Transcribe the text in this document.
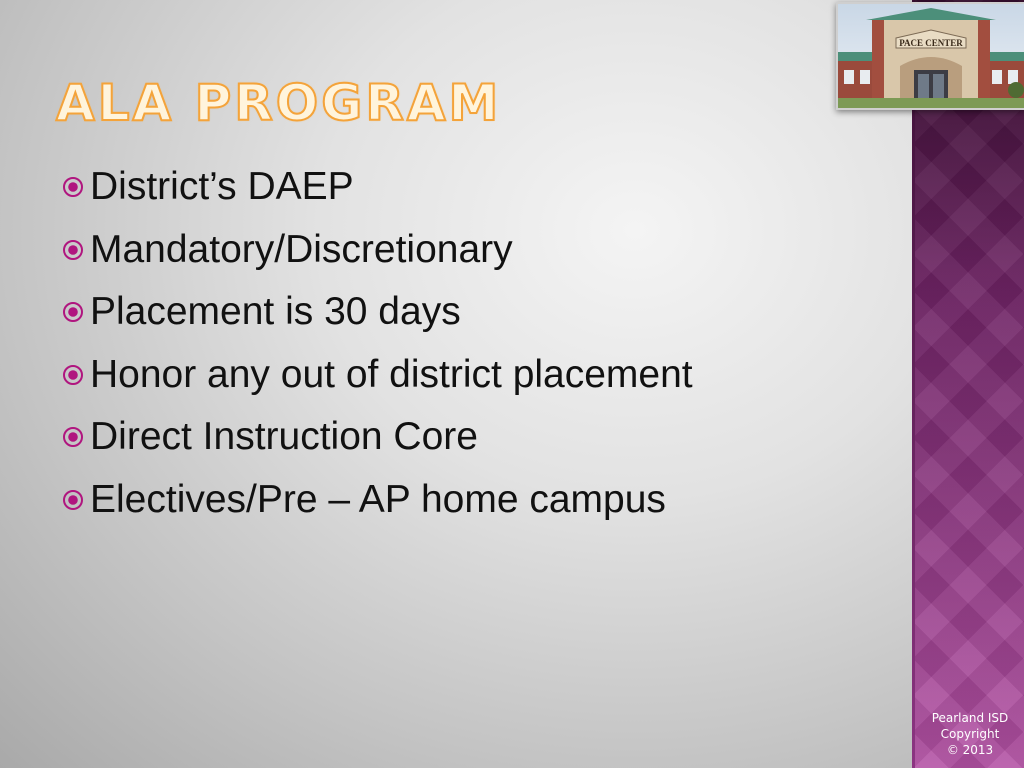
PACE CENTER
ALA PROGRAM
District’s DAEP
Mandatory/Discretionary
Placement is 30 days
Honor any out of district placement
Direct Instruction Core
Electives/Pre – AP home campus
Pearland ISD
Copyright
© 2013
